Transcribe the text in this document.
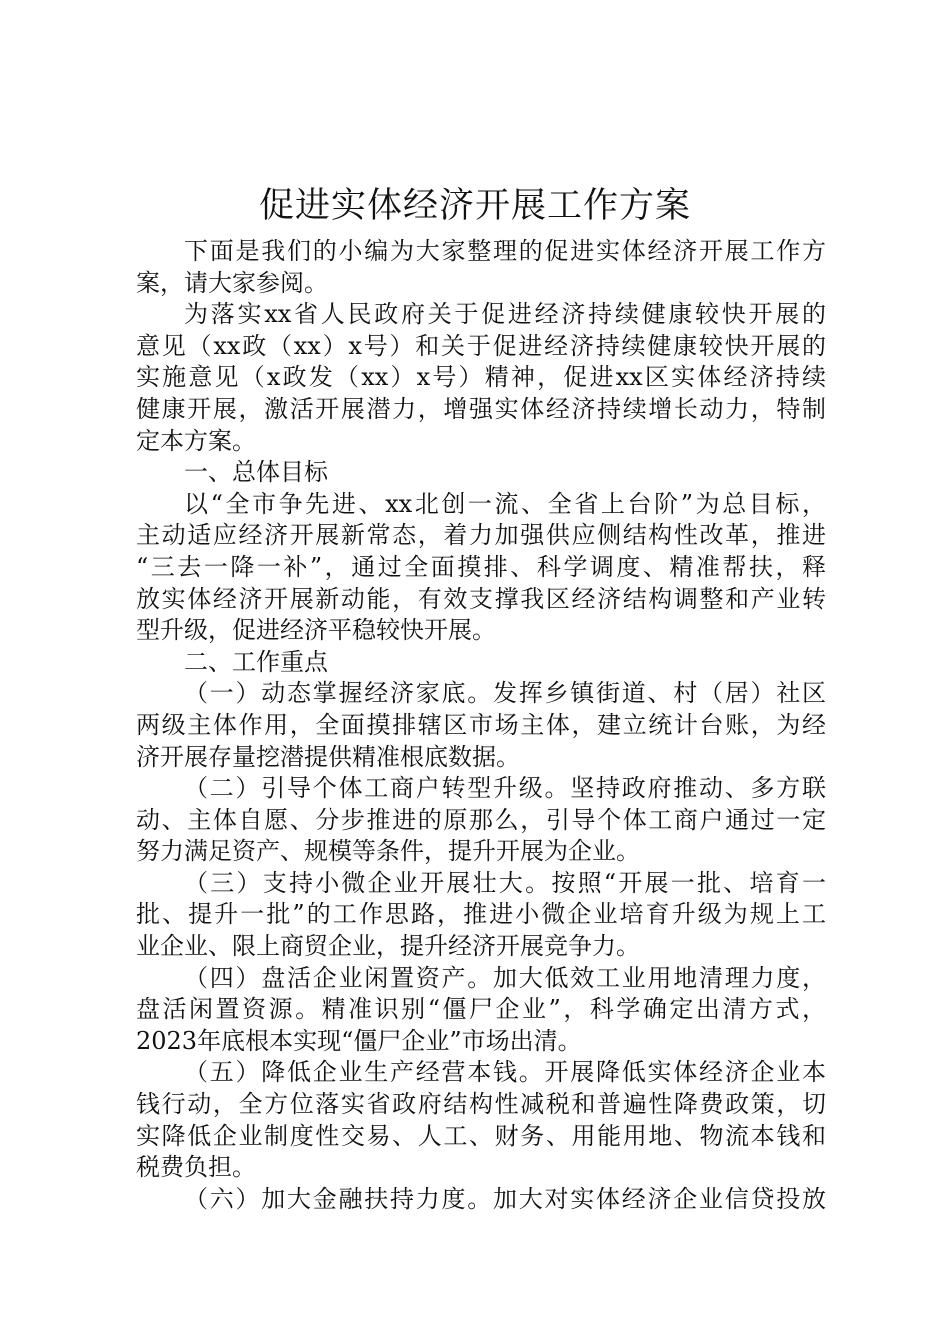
促进实体经济开展工作方案
下面是我们的小编为大家整理的促进实体经济开展工作方
案，请大家参阅。
为落实xx省人民政府关于促进经济持续健康较快开展的
意见（xx政（xx）x号）和关于促进经济持续健康较快开展的
实施意见（x政发（xx）x号）精神，促进xx区实体经济持续
健康开展，激活开展潜力，增强实体经济持续增长动力，特制
定本方案。
一、总体目标
以“全市争先进、xx北创一流、全省上台阶”为总目标，
主动适应经济开展新常态，着力加强供应侧结构性改革，推进
“三去一降一补”，通过全面摸排、科学调度、精准帮扶，释
放实体经济开展新动能，有效支撑我区经济结构调整和产业转
型升级，促进经济平稳较快开展。
二、工作重点
（一）动态掌握经济家底。发挥乡镇街道、村（居）社区
两级主体作用，全面摸排辖区市场主体，建立统计台账，为经
济开展存量挖潜提供精准根底数据。
（二）引导个体工商户转型升级。坚持政府推动、多方联
动、主体自愿、分步推进的原那么，引导个体工商户通过一定
努力满足资产、规模等条件，提升开展为企业。
（三）支持小微企业开展壮大。按照“开展一批、培育一
批、提升一批”的工作思路，推进小微企业培育升级为规上工
业企业、限上商贸企业，提升经济开展竞争力。
（四）盘活企业闲置资产。加大低效工业用地清理力度，
盘活闲置资源。精准识别“僵尸企业”，科学确定出清方式，
2023年底根本实现“僵尸企业”市场出清。
（五）降低企业生产经营本钱。开展降低实体经济企业本
钱行动，全方位落实省政府结构性减税和普遍性降费政策，切
实降低企业制度性交易、人工、财务、用能用地、物流本钱和
税费负担。
（六）加大金融扶持力度。加大对实体经济企业信贷投放
